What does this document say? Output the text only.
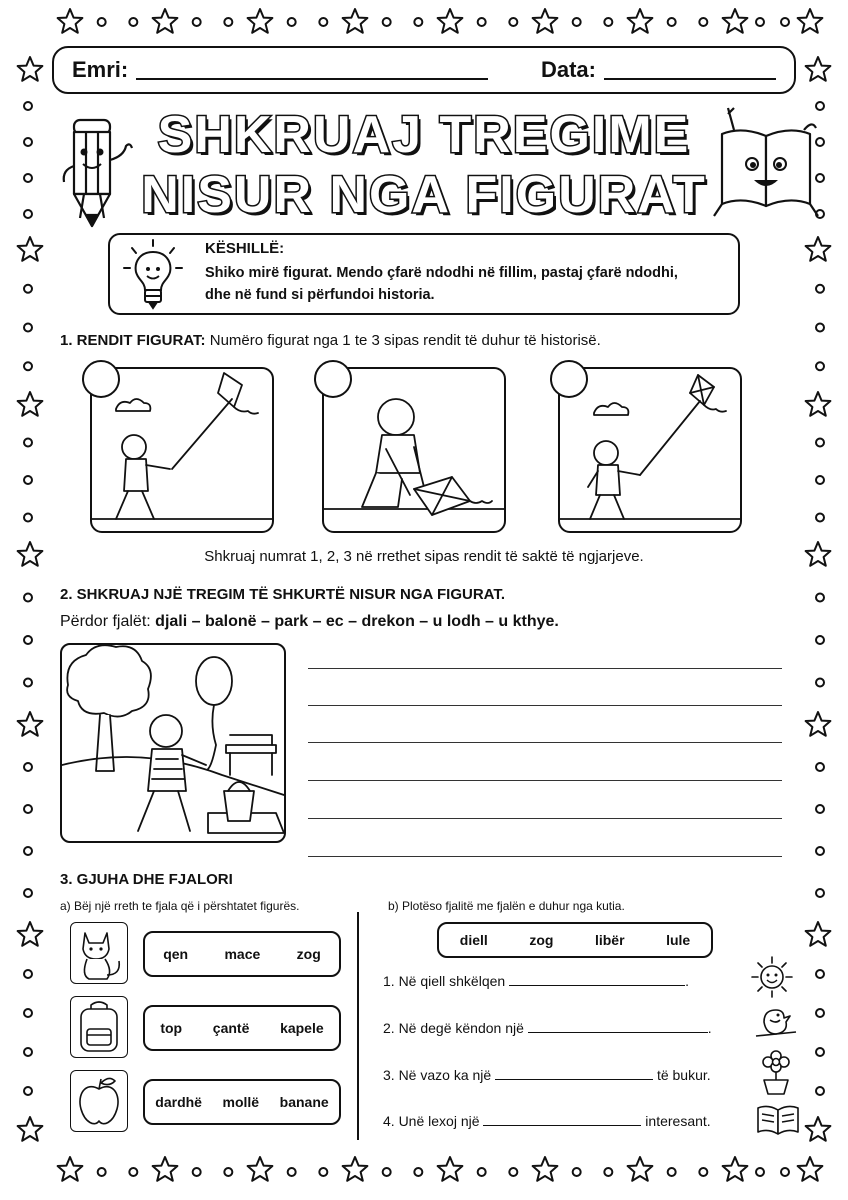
Emri:	Data:
SHKRUAJ TREGIME
NISUR NGA FIGURAT
KËSHILLË:
Shiko mirë figurat. Mendo çfarë ndodhi në fillim, pastaj çfarë ndodhi,
dhe në fund si përfundoi historia.
1. RENDIT FIGURAT: Numëro figurat nga 1 te 3 sipas rendit të duhur të historisë.
Shkruaj numrat 1, 2, 3 në rrethet sipas rendit të saktë të ngjarjeve.
2. SHKRUAJ NJË TREGIM TË SHKURTË NISUR NGA FIGURAT.
Përdor fjalët: djali – balonë – park – ec – drekon – u lodh – u kthye.
3. GJUHA DHE FJALORI
a) Bëj një rreth te fjala që i përshtatet figurës.	b) Plotëso fjalitë me fjalën e duhur nga kutia.
qen	mace	zog
top çantë kapele
dardhë mollë banane
diell	zog	libër	lule
1. Në qiell shkëlqen	.
2. Në degë këndon një	.
3. Në vazo ka një	të bukur.
4. Unë lexoj një	interesant.
